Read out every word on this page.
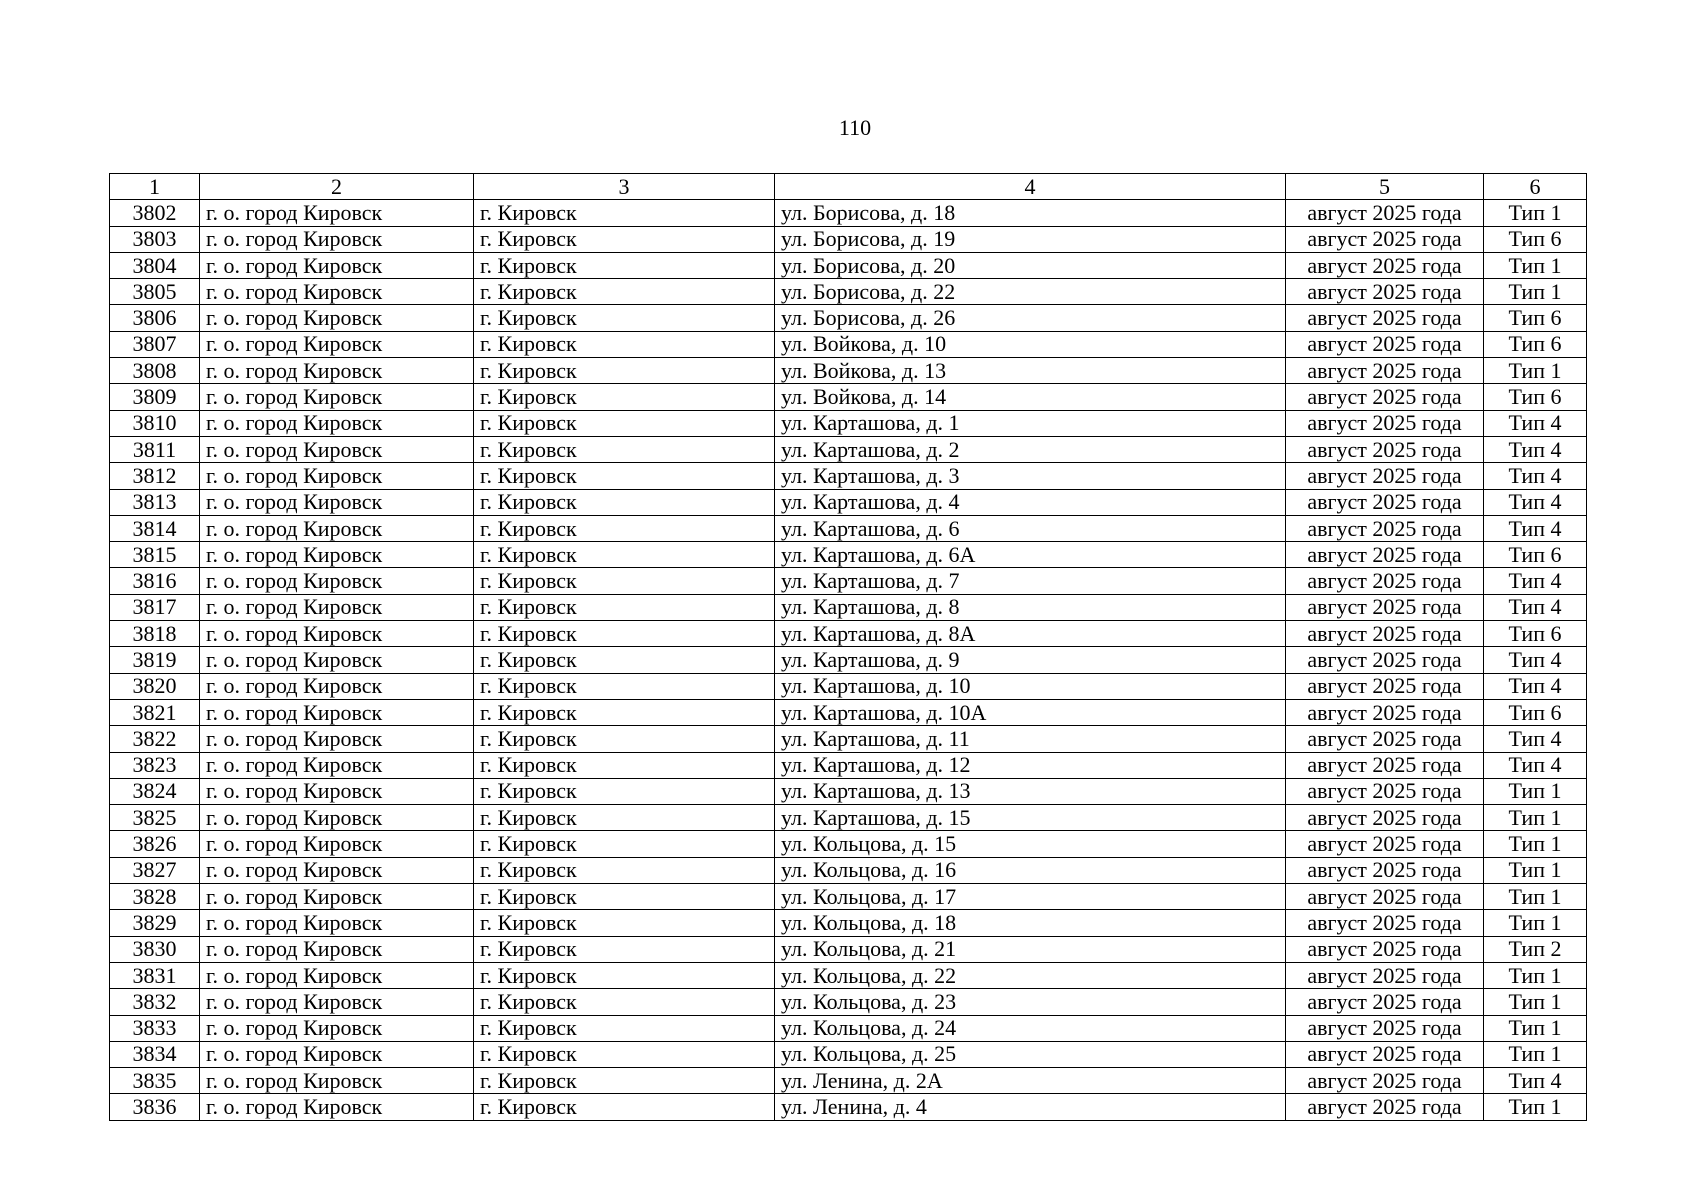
110
1	2	3	4	5	6
3802	г. о. город Кировск	г. Кировск	ул. Борисова, д. 18	август 2025 года	Тип 1
3803	г. о. город Кировск	г. Кировск	ул. Борисова, д. 19	август 2025 года	Тип 6
3804	г. о. город Кировск	г. Кировск	ул. Борисова, д. 20	август 2025 года	Тип 1
3805	г. о. город Кировск	г. Кировск	ул. Борисова, д. 22	август 2025 года	Тип 1
3806	г. о. город Кировск	г. Кировск	ул. Борисова, д. 26	август 2025 года	Тип 6
3807	г. о. город Кировск	г. Кировск	ул. Войкова, д. 10	август 2025 года	Тип 6
3808	г. о. город Кировск	г. Кировск	ул. Войкова, д. 13	август 2025 года	Тип 1
3809	г. о. город Кировск	г. Кировск	ул. Войкова, д. 14	август 2025 года	Тип 6
3810	г. о. город Кировск	г. Кировск	ул. Карташова, д. 1	август 2025 года	Тип 4
3811	г. о. город Кировск	г. Кировск	ул. Карташова, д. 2	август 2025 года	Тип 4
3812	г. о. город Кировск	г. Кировск	ул. Карташова, д. 3	август 2025 года	Тип 4
3813	г. о. город Кировск	г. Кировск	ул. Карташова, д. 4	август 2025 года	Тип 4
3814	г. о. город Кировск	г. Кировск	ул. Карташова, д. 6	август 2025 года	Тип 4
3815	г. о. город Кировск	г. Кировск	ул. Карташова, д. 6А	август 2025 года	Тип 6
3816	г. о. город Кировск	г. Кировск	ул. Карташова, д. 7	август 2025 года	Тип 4
3817	г. о. город Кировск	г. Кировск	ул. Карташова, д. 8	август 2025 года	Тип 4
3818	г. о. город Кировск	г. Кировск	ул. Карташова, д. 8А	август 2025 года	Тип 6
3819	г. о. город Кировск	г. Кировск	ул. Карташова, д. 9	август 2025 года	Тип 4
3820	г. о. город Кировск	г. Кировск	ул. Карташова, д. 10	август 2025 года	Тип 4
3821	г. о. город Кировск	г. Кировск	ул. Карташова, д. 10А	август 2025 года	Тип 6
3822	г. о. город Кировск	г. Кировск	ул. Карташова, д. 11	август 2025 года	Тип 4
3823	г. о. город Кировск	г. Кировск	ул. Карташова, д. 12	август 2025 года	Тип 4
3824	г. о. город Кировск	г. Кировск	ул. Карташова, д. 13	август 2025 года	Тип 1
3825	г. о. город Кировск	г. Кировск	ул. Карташова, д. 15	август 2025 года	Тип 1
3826	г. о. город Кировск	г. Кировск	ул. Кольцова, д. 15	август 2025 года	Тип 1
3827	г. о. город Кировск	г. Кировск	ул. Кольцова, д. 16	август 2025 года	Тип 1
3828	г. о. город Кировск	г. Кировск	ул. Кольцова, д. 17	август 2025 года	Тип 1
3829	г. о. город Кировск	г. Кировск	ул. Кольцова, д. 18	август 2025 года	Тип 1
3830	г. о. город Кировск	г. Кировск	ул. Кольцова, д. 21	август 2025 года	Тип 2
3831	г. о. город Кировск	г. Кировск	ул. Кольцова, д. 22	август 2025 года	Тип 1
3832	г. о. город Кировск	г. Кировск	ул. Кольцова, д. 23	август 2025 года	Тип 1
3833	г. о. город Кировск	г. Кировск	ул. Кольцова, д. 24	август 2025 года	Тип 1
3834	г. о. город Кировск	г. Кировск	ул. Кольцова, д. 25	август 2025 года	Тип 1
3835	г. о. город Кировск	г. Кировск	ул. Ленина, д. 2А	август 2025 года	Тип 4
3836	г. о. город Кировск	г. Кировск	ул. Ленина, д. 4	август 2025 года	Тип 1
